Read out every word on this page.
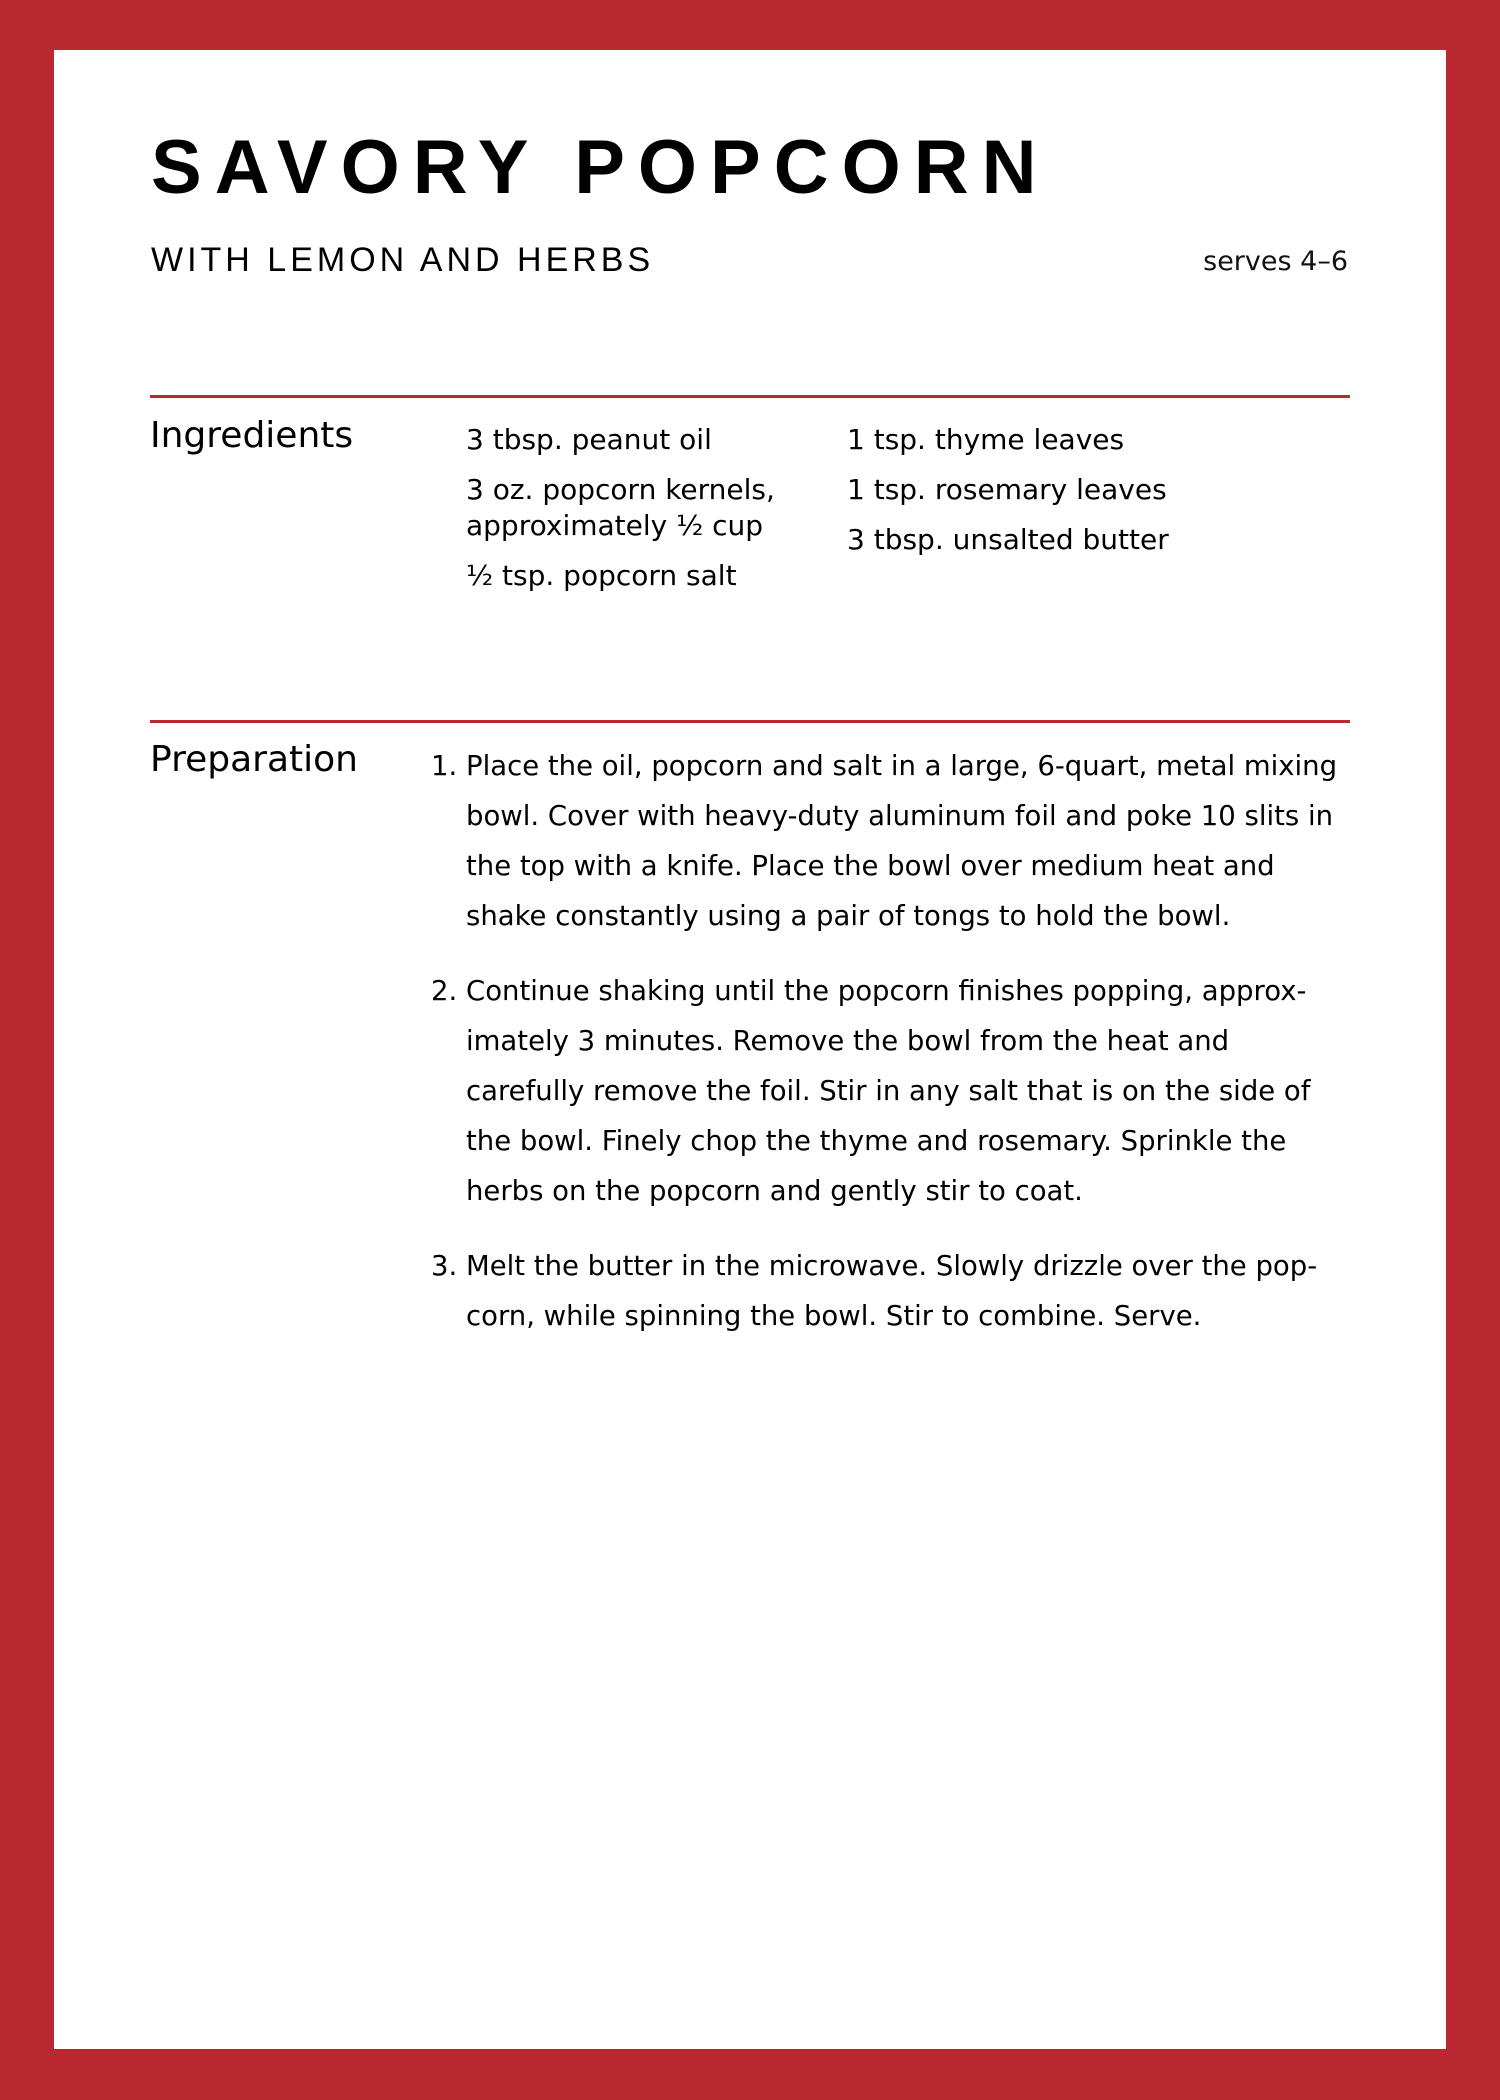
SAVORY POPCORN
WITH LEMON AND HERBS	serves 4–6
Ingredients	3 tbsp. peanut oil
3 oz. popcorn kernels, approximately ½ cup
½ tsp. popcorn salt
1 tsp. thyme leaves
1 tsp. rosemary leaves
3 tbsp. unsalted butter
Preparation	1. Place the oil, popcorn and salt in a large, 6-quart, metal mixing bowl. Cover with heavy-duty aluminum foil and poke 10 slits in the top with a knife. Place the bowl over medium heat and shake constantly using a pair of tongs to hold the bowl.
2. Continue shaking until the popcorn finishes popping, approximately 3 minutes. Remove the bowl from the heat and carefully remove the foil. Stir in any salt that is on the side of the bowl. Finely chop the thyme and rosemary. Sprinkle the herbs on the popcorn and gently stir to coat.
3. Melt the butter in the microwave. Slowly drizzle over the popcorn, while spinning the bowl. Stir to combine. Serve.
